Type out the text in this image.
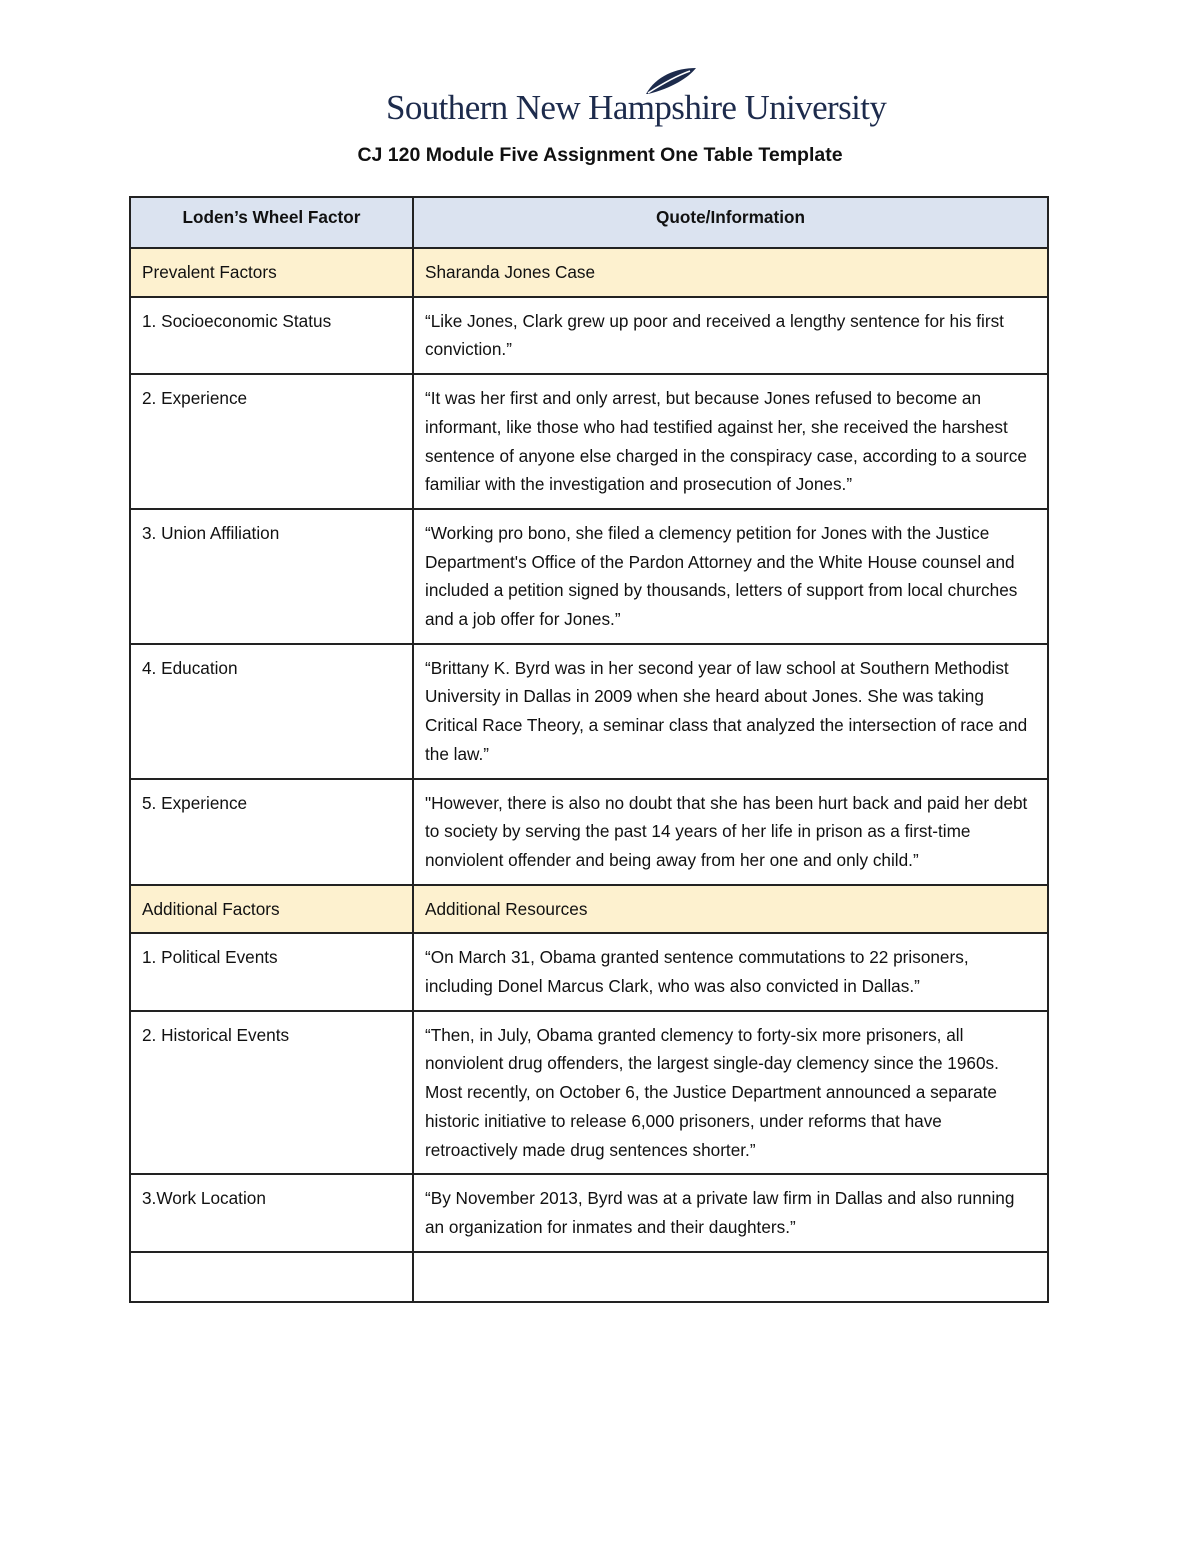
Southern New Hampshire University
CJ 120 Module Five Assignment One Table Template
Loden’s Wheel Factor	Quote/Information
Prevalent Factors	Sharanda Jones Case
1. Socioeconomic Status	“Like Jones, Clark grew up poor and received a lengthy sentence for his first conviction.”
2. Experience	“It was her first and only arrest, but because Jones refused to become an informant, like those who had testified against her, she received the harshest sentence of anyone else charged in the conspiracy case, according to a source familiar with the investigation and prosecution of Jones.”
3. Union Affiliation	“Working pro bono, she filed a clemency petition for Jones with the Justice Department's Office of the Pardon Attorney and the White House counsel and included a petition signed by thousands, letters of support from local churches and a job offer for Jones.”
4. Education	“Brittany K. Byrd was in her second year of law school at Southern Methodist University in Dallas in 2009 when she heard about Jones. She was taking Critical Race Theory, a seminar class that analyzed the intersection of race and the law.”
5. Experience	"However, there is also no doubt that she has been hurt back and paid her debt to society by serving the past 14 years of her life in prison as a first-time nonviolent offender and being away from her one and only child.”
Additional Factors	Additional Resources
1. Political Events	“On March 31, Obama granted sentence commutations to 22 prisoners, including Donel Marcus Clark, who was also convicted in Dallas.”
2. Historical Events	“Then, in July, Obama granted clemency to forty-six more prisoners, all nonviolent drug offenders, the largest single-day clemency since the 1960s. Most recently, on October 6, the Justice Department announced a separate historic initiative to release 6,000 prisoners, under reforms that have retroactively made drug sentences shorter.”
3.Work Location	“By November 2013, Byrd was at a private law firm in Dallas and also running an organization for inmates and their daughters.”
